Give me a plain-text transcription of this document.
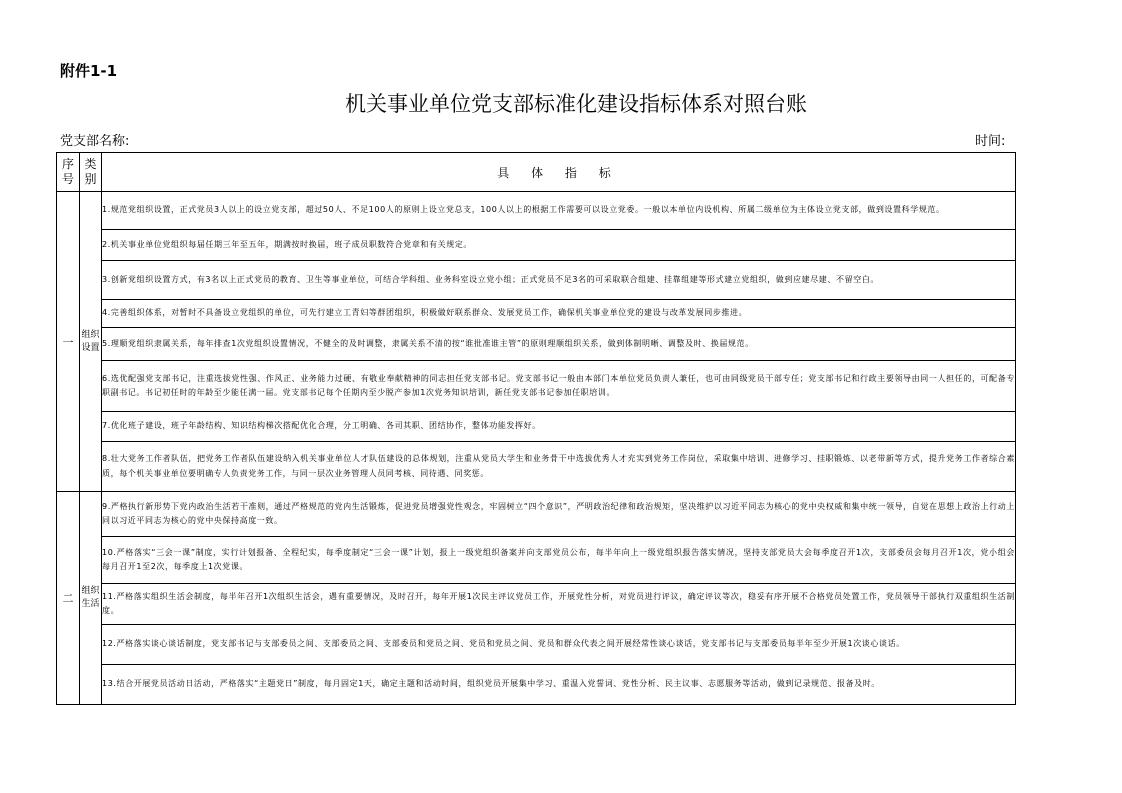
附件1-1
机关事业单位党支部标准化建设指标体系对照台账
党支部名称:	时间:
序号	类别	具 体 指 标
一	组织设置	1.规范党组织设置，正式党员3人以上的设立党支部，超过50人、不足100人的原则上设立党总支，100人以上的根据工作需要可以设立党委。一般以本单位内设机构、所属二级单位为主体设立党支部，做到设置科学规范。
		2.机关事业单位党组织每届任期三年至五年，期满按时换届，班子成员职数符合党章和有关规定。
		3.创新党组织设置方式，有3名以上正式党员的教育、卫生等事业单位，可结合学科组、业务科室设立党小组；正式党员不足3名的可采取联合组建、挂靠组建等形式建立党组织，做到应建尽建、不留空白。
		4.完善组织体系，对暂时不具备设立党组织的单位，可先行建立工青妇等群团组织，积极做好联系群众、发展党员工作，确保机关事业单位党的建设与改革发展同步推进。
		5.理顺党组织隶属关系，每年排查1次党组织设置情况，不健全的及时调整，隶属关系不清的按“谁批准谁主管”的原则理顺组织关系，做到体制明晰、调整及时、换届规范。
		6.选优配强党支部书记，注重选拔党性强、作风正、业务能力过硬、有敬业奉献精神的同志担任党支部书记。党支部书记一般由本部门本单位党员负责人兼任，也可由同级党员干部专任；党支部书记和行政主要领导由同一人担任的，可配备专职副书记。书记初任时的年龄至少能任满一届。党支部书记每个任期内至少脱产参加1次党务知识培训，新任党支部书记参加任职培训。
		7.优化班子建设，班子年龄结构、知识结构梯次搭配优化合理，分工明确、各司其职、团结协作，整体功能发挥好。
		8.壮大党务工作者队伍，把党务工作者队伍建设纳入机关事业单位人才队伍建设的总体规划，注重从党员大学生和业务骨干中选拔优秀人才充实到党务工作岗位，采取集中培训、进修学习、挂职锻炼、以老带新等方式，提升党务工作者综合素质，每个机关事业单位要明确专人负责党务工作，与同一层次业务管理人员同考核、同待遇、同奖惩。
二	组织生活	9.严格执行新形势下党内政治生活若干准则，通过严格规范的党内生活锻炼，促进党员增强党性观念，牢固树立“四个意识”，严明政治纪律和政治规矩，坚决维护以习近平同志为核心的党中央权威和集中统一领导，自觉在思想上政治上行动上同以习近平同志为核心的党中央保持高度一致。
		10.严格落实“三会一课”制度，实行计划报备、全程纪实，每季度制定“三会一课”计划，报上一级党组织备案并向支部党员公布，每半年向上一级党组织报告落实情况，坚持支部党员大会每季度召开1次，支部委员会每月召开1次，党小组会每月召开1至2次，每季度上1次党课。
		11.严格落实组织生活会制度，每半年召开1次组织生活会，遇有重要情况，及时召开，每年开展1次民主评议党员工作，开展党性分析，对党员进行评议，确定评议等次，稳妥有序开展不合格党员处置工作，党员领导干部执行双重组织生活制度。
		12.严格落实谈心谈话制度，党支部书记与支部委员之间、支部委员之间、支部委员和党员之间、党员和党员之间、党员和群众代表之间开展经常性谈心谈话，党支部书记与支部委员每半年至少开展1次谈心谈话。
		13.结合开展党员活动日活动，严格落实“主题党日”制度，每月固定1天，确定主题和活动时间，组织党员开展集中学习、重温入党誓词、党性分析、民主议事、志愿服务等活动，做到记录规范、报备及时。
